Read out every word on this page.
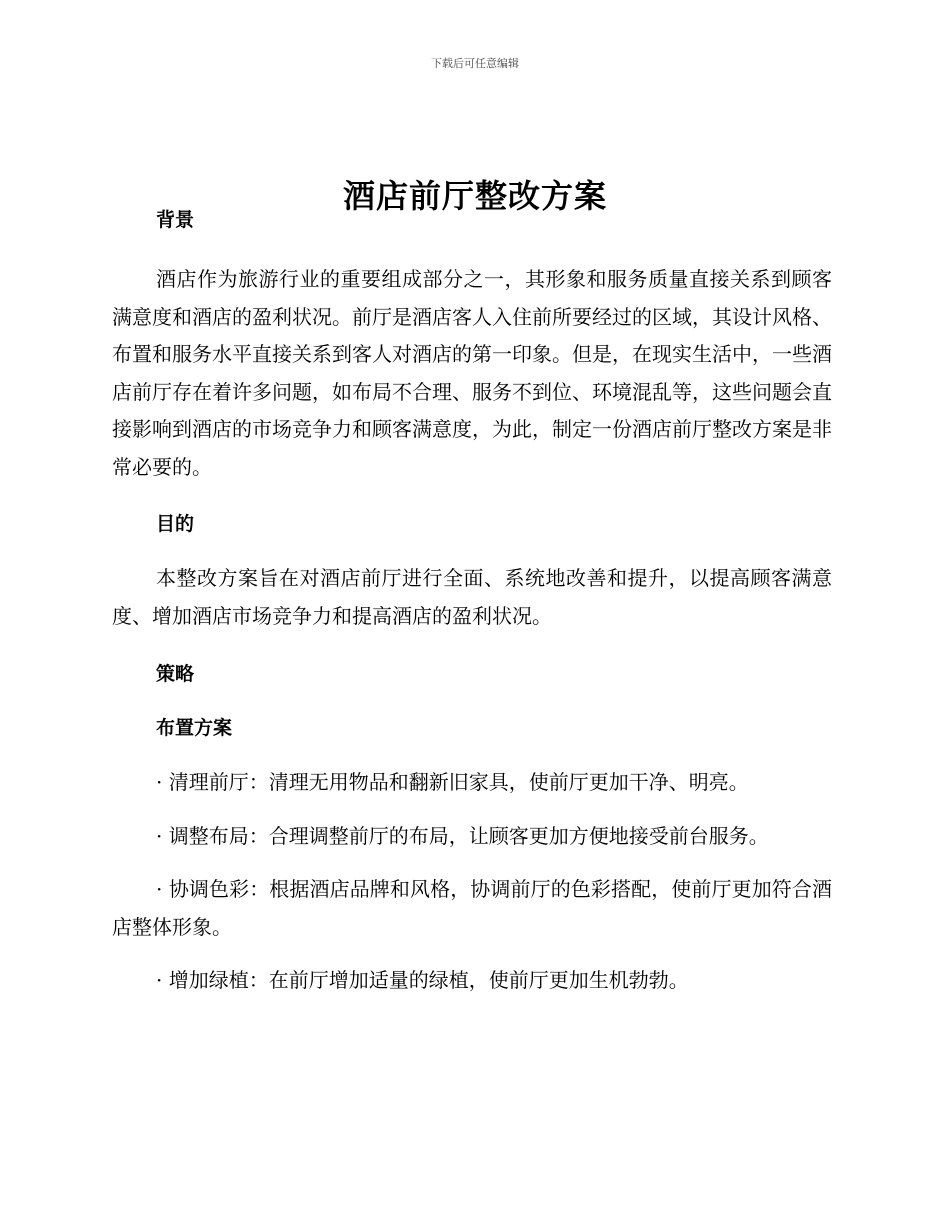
下载后可任意编辑
酒店前厅整改方案
背景

酒店作为旅游行业的重要组成部分之一，其形象和服务质量直接关系到顾客满意度和酒店的盈利状况。前厅是酒店客人入住前所要经过的区域，其设计风格、布置和服务水平直接关系到客人对酒店的第一印象。但是，在现实生活中，一些酒店前厅存在着许多问题，如布局不合理、服务不到位、环境混乱等，这些问题会直接影响到酒店的市场竞争力和顾客满意度，为此，制定一份酒店前厅整改方案是非常必要的。

目的

本整改方案旨在对酒店前厅进行全面、系统地改善和提升，以提高顾客满意度、增加酒店市场竞争力和提高酒店的盈利状况。

策略
布置方案

· 清理前厅：清理无用物品和翻新旧家具，使前厅更加干净、明亮。

· 调整布局：合理调整前厅的布局，让顾客更加方便地接受前台服务。

· 协调色彩：根据酒店品牌和风格，协调前厅的色彩搭配，使前厅更加符合酒店整体形象。

· 增加绿植：在前厅增加适量的绿植，使前厅更加生机勃勃。
